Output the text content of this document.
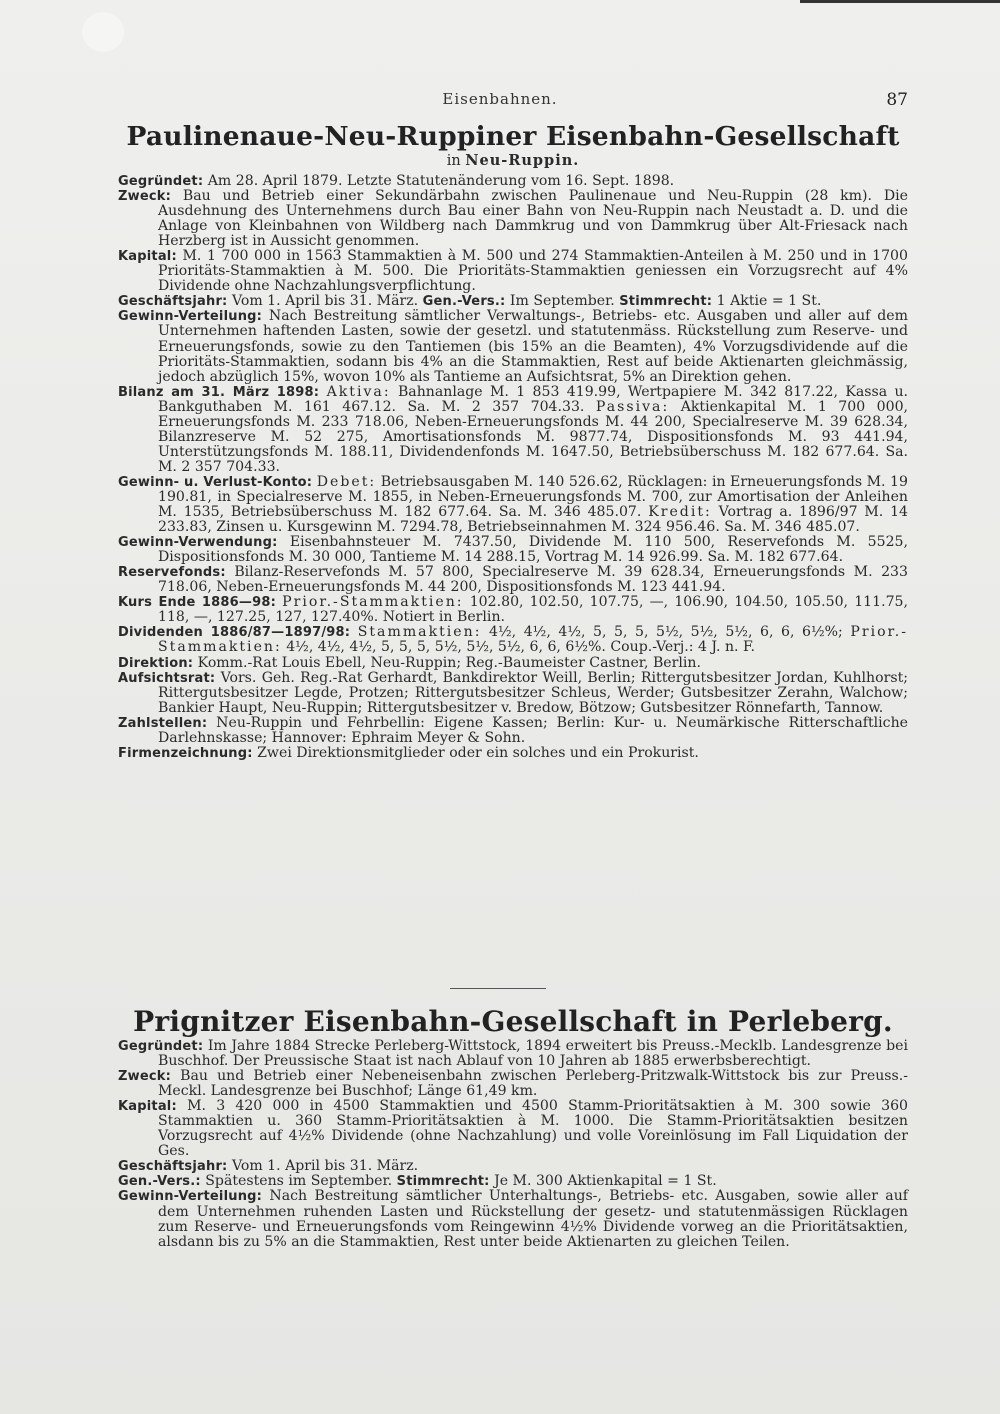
Eisenbahnen.	87
Paulinenaue-Neu-Ruppiner Eisenbahn-Gesellschaft
in Neu-Ruppin.

Gegründet: Am 28. April 1879. Letzte Statutenänderung vom 16. Sept. 1898.

Zweck: Bau und Betrieb einer Sekundärbahn zwischen Paulinenaue und Neu-Ruppin (28 km). Die Ausdehnung des Unternehmens durch Bau einer Bahn von Neu-Ruppin nach Neustadt a. D. und die Anlage von Kleinbahnen von Wildberg nach Dammkrug und von Dammkrug über Alt-Friesack nach Herzberg ist in Aussicht genommen.

Kapital: M. 1 700 000 in 1563 Stammaktien à M. 500 und 274 Stammaktien-Anteilen à M. 250 und in 1700 Prioritäts-Stammaktien à M. 500. Die Prioritäts-Stammaktien geniessen ein Vorzugsrecht auf 4% Dividende ohne Nachzahlungsverpflichtung.

Geschäftsjahr: Vom 1. April bis 31. März. Gen.-Vers.: Im September. Stimmrecht: 1 Aktie = 1 St.

Gewinn-Verteilung: Nach Bestreitung sämtlicher Verwaltungs-, Betriebs- etc. Ausgaben und aller auf dem Unternehmen haftenden Lasten, sowie der gesetzl. und statutenmäss. Rückstellung zum Reserve- und Erneuerungsfonds, sowie zu den Tantiemen (bis 15% an die Beamten), 4% Vorzugsdividende auf die Prioritäts-Stammaktien, sodann bis 4% an die Stammaktien, Rest auf beide Aktienarten gleichmässig, jedoch abzüglich 15%, wovon 10% als Tantieme an Aufsichtsrat, 5% an Direktion gehen.

Bilanz am 31. März 1898: Aktiva: Bahnanlage M. 1 853 419.99, Wertpapiere M. 342 817.22, Kassa u. Bankguthaben M. 161 467.12. Sa. M. 2 357 704.33. Passiva: Aktienkapital M. 1 700 000, Erneuerungsfonds M. 233 718.06, Neben-Erneuerungsfonds M. 44 200, Specialreserve M. 39 628.34, Bilanzreserve M. 52 275, Amortisationsfonds M. 9877.74, Dispositionsfonds M. 93 441.94, Unterstützungsfonds M. 188.11, Dividendenfonds M. 1647.50, Betriebsüberschuss M. 182 677.64. Sa. M. 2 357 704.33.

Gewinn- u. Verlust-Konto: Debet: Betriebsausgaben M. 140 526.62, Rücklagen: in Erneuerungsfonds M. 19 190.81, in Specialreserve M. 1855, in Neben-Erneuerungsfonds M. 700, zur Amortisation der Anleihen M. 1535, Betriebsüberschuss M. 182 677.64. Sa. M. 346 485.07. Kredit: Vortrag a. 1896/97 M. 14 233.83, Zinsen u. Kursgewinn M. 7294.78, Betriebseinnahmen M. 324 956.46. Sa. M. 346 485.07.

Gewinn-Verwendung: Eisenbahnsteuer M. 7437.50, Dividende M. 110 500, Reservefonds M. 5525, Dispositionsfonds M. 30 000, Tantieme M. 14 288.15, Vortrag M. 14 926.99. Sa. M. 182 677.64.

Reservefonds: Bilanz-Reservefonds M. 57 800, Specialreserve M. 39 628.34, Erneuerungsfonds M. 233 718.06, Neben-Erneuerungsfonds M. 44 200, Dispositionsfonds M. 123 441.94.

Kurs Ende 1886—98: Prior.-Stammaktien: 102.80, 102.50, 107.75, —, 106.90, 104.50, 105.50, 111.75, 118, —, 127.25, 127, 127.40%. Notiert in Berlin.

Dividenden 1886/87—1897/98: Stammaktien: 4½, 4½, 4½, 5, 5, 5, 5½, 5½, 5½, 6, 6, 6½%; Prior.-Stammaktien: 4½, 4½, 4½, 5, 5, 5, 5½, 5½, 5½, 6, 6, 6½%. Coup.-Verj.: 4 J. n. F.

Direktion: Komm.-Rat Louis Ebell, Neu-Ruppin; Reg.-Baumeister Castner, Berlin.

Aufsichtsrat: Vors. Geh. Reg.-Rat Gerhardt, Bankdirektor Weill, Berlin; Rittergutsbesitzer Jordan, Kuhlhorst; Rittergutsbesitzer Legde, Protzen; Rittergutsbesitzer Schleus, Werder; Gutsbesitzer Zerahn, Walchow; Bankier Haupt, Neu-Ruppin; Rittergutsbesitzer v. Bredow, Bötzow; Gutsbesitzer Rönnefarth, Tannow.

Zahlstellen: Neu-Ruppin und Fehrbellin: Eigene Kassen; Berlin: Kur- u. Neumärkische Ritterschaftliche Darlehnskasse; Hannover: Ephraim Meyer & Sohn.

Firmenzeichnung: Zwei Direktionsmitglieder oder ein solches und ein Prokurist.

Prignitzer Eisenbahn-Gesellschaft in Perleberg.

Gegründet: Im Jahre 1884 Strecke Perleberg-Wittstock, 1894 erweitert bis Preuss.-Mecklb. Landesgrenze bei Buschhof. Der Preussische Staat ist nach Ablauf von 10 Jahren ab 1885 erwerbsberechtigt.

Zweck: Bau und Betrieb einer Nebeneisenbahn zwischen Perleberg-Pritzwalk-Wittstock bis zur Preuss.-Meckl. Landesgrenze bei Buschhof; Länge 61,49 km.

Kapital: M. 3 420 000 in 4500 Stammaktien und 4500 Stamm-Prioritätsaktien à M. 300 sowie 360 Stammaktien u. 360 Stamm-Prioritätsaktien à M. 1000. Die Stamm-Prioritätsaktien besitzen Vorzugsrecht auf 4½% Dividende (ohne Nachzahlung) und volle Voreinlösung im Fall Liquidation der Ges.

Geschäftsjahr: Vom 1. April bis 31. März.

Gen.-Vers.: Spätestens im September. Stimmrecht: Je M. 300 Aktienkapital = 1 St.

Gewinn-Verteilung: Nach Bestreitung sämtlicher Unterhaltungs-, Betriebs- etc. Ausgaben, sowie aller auf dem Unternehmen ruhenden Lasten und Rückstellung der gesetz- und statutenmässigen Rücklagen zum Reserve- und Erneuerungsfonds vom Reingewinn 4½% Dividende vorweg an die Prioritätsaktien, alsdann bis zu 5% an die Stammaktien, Rest unter beide Aktienarten zu gleichen Teilen.
